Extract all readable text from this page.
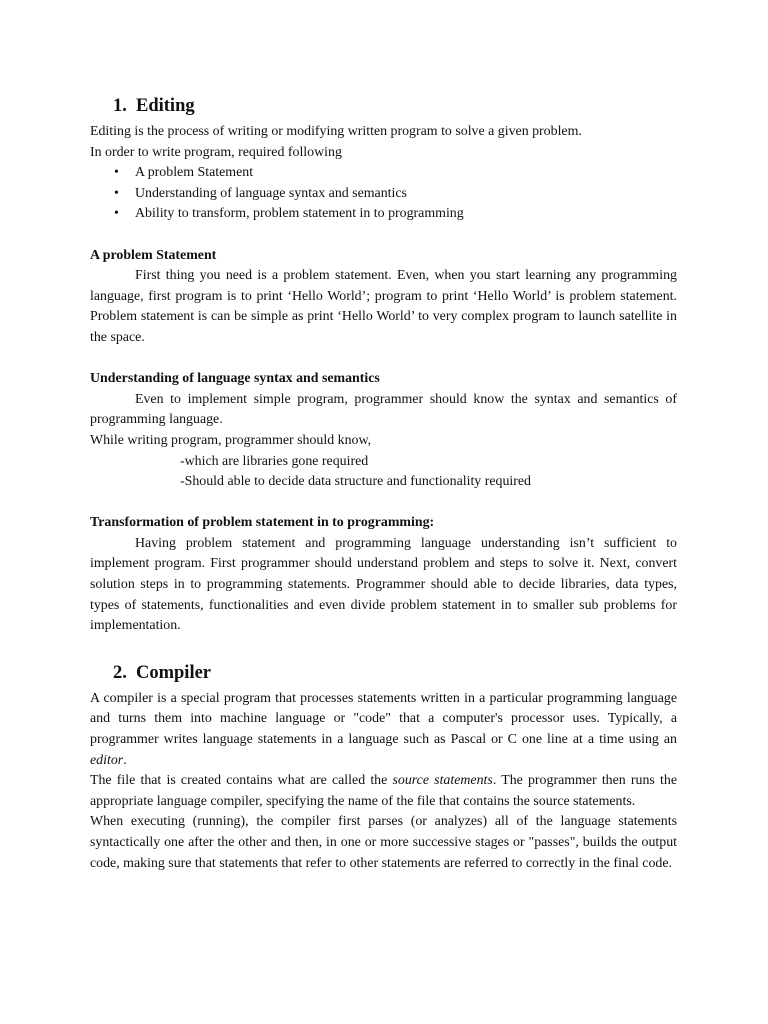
1. Editing

Editing is the process of writing or modifying written program to solve a given problem.

In order to write program, required following

• A problem Statement
• Understanding of language syntax and semantics
• Ability to transform, problem statement in to programming

A problem Statement

First thing you need is a problem statement. Even, when you start learning any programming language, first program is to print ‘Hello World’; program to print ‘Hello World’ is problem statement. Problem statement is can be simple as print ‘Hello World’ to very complex program to launch satellite in the space.

Understanding of language syntax and semantics

Even to implement simple program, programmer should know the syntax and semantics of programming language.

While writing program, programmer should know,

-which are libraries gone required

-Should able to decide data structure and functionality required

Transformation of problem statement in to programming:

Having problem statement and programming language understanding isn’t sufficient to implement program. First programmer should understand problem and steps to solve it. Next, convert solution steps in to programming statements. Programmer should able to decide libraries, data types, types of statements, functionalities and even divide problem statement in to smaller sub problems for implementation.

2. Compiler

A compiler is a special program that processes statements written in a particular programming language and turns them into machine language or "code" that a computer's processor uses. Typically, a programmer writes language statements in a language such as Pascal or C one line at a time using an editor.

The file that is created contains what are called the source statements. The programmer then runs the appropriate language compiler, specifying the name of the file that contains the source statements.

When executing (running), the compiler first parses (or analyzes) all of the language statements syntactically one after the other and then, in one or more successive stages or "passes", builds the output code, making sure that statements that refer to other statements are referred to correctly in the final code.
